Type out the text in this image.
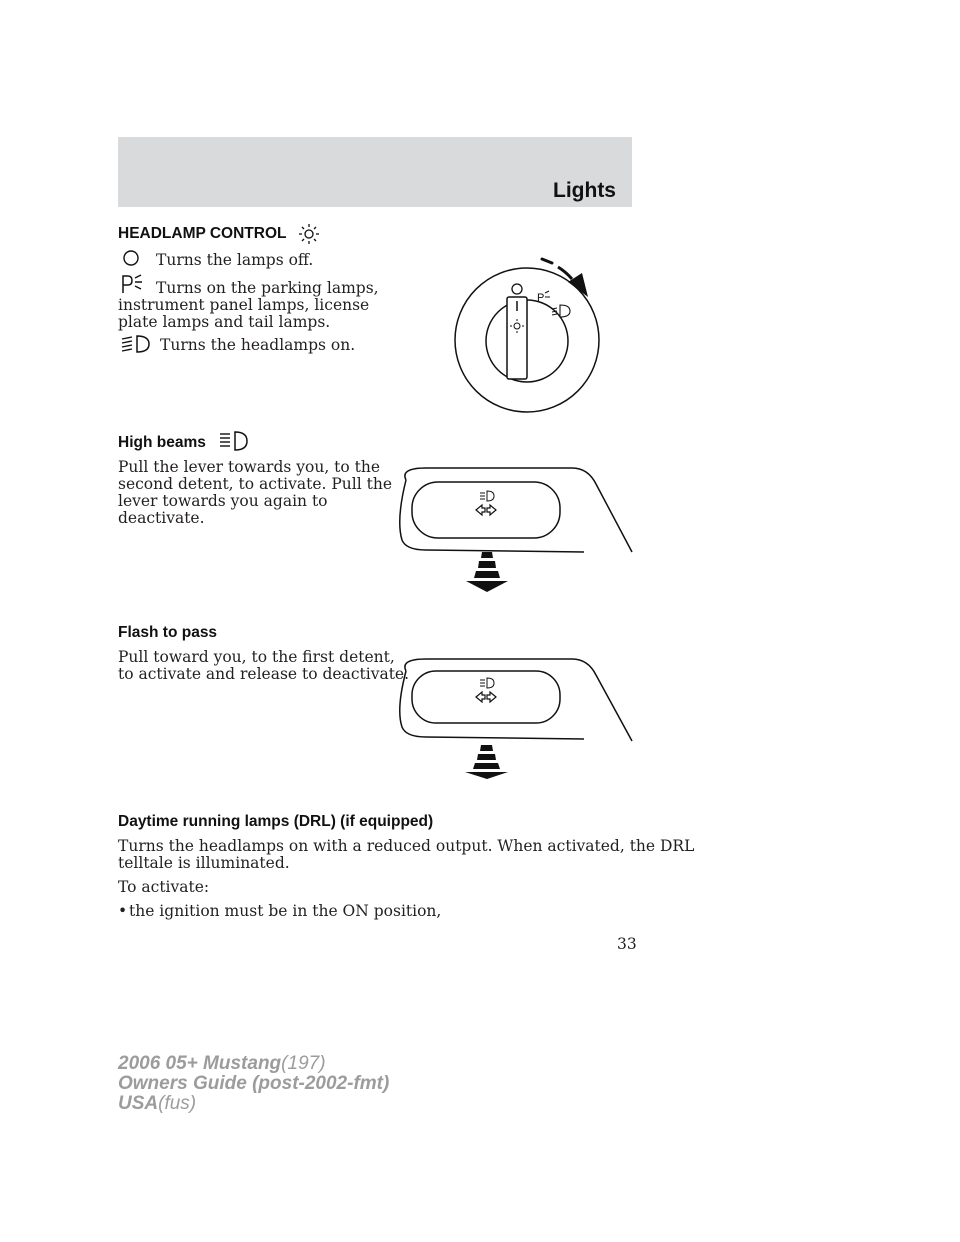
Lights
HEADLAMP CONTROL
Turns the lamps off.
Turns on the parking lamps,
instrument panel lamps, license
plate lamps and tail lamps.
Turns the headlamps on.
P
High beams
Pull the lever towards you, to the
second detent, to activate. Pull the
lever towards you again to
deactivate.
Flash to pass
Pull toward you, to the first detent,
to activate and release to deactivate.
Daytime running lamps (DRL) (if equipped)
Turns the headlamps on with a reduced output. When activated, the DRL
telltale is illuminated.
To activate:
• the ignition must be in the ON position,
33
2006 05+ Mustang(197)
Owners Guide (post-2002-fmt)
USA(fus)
